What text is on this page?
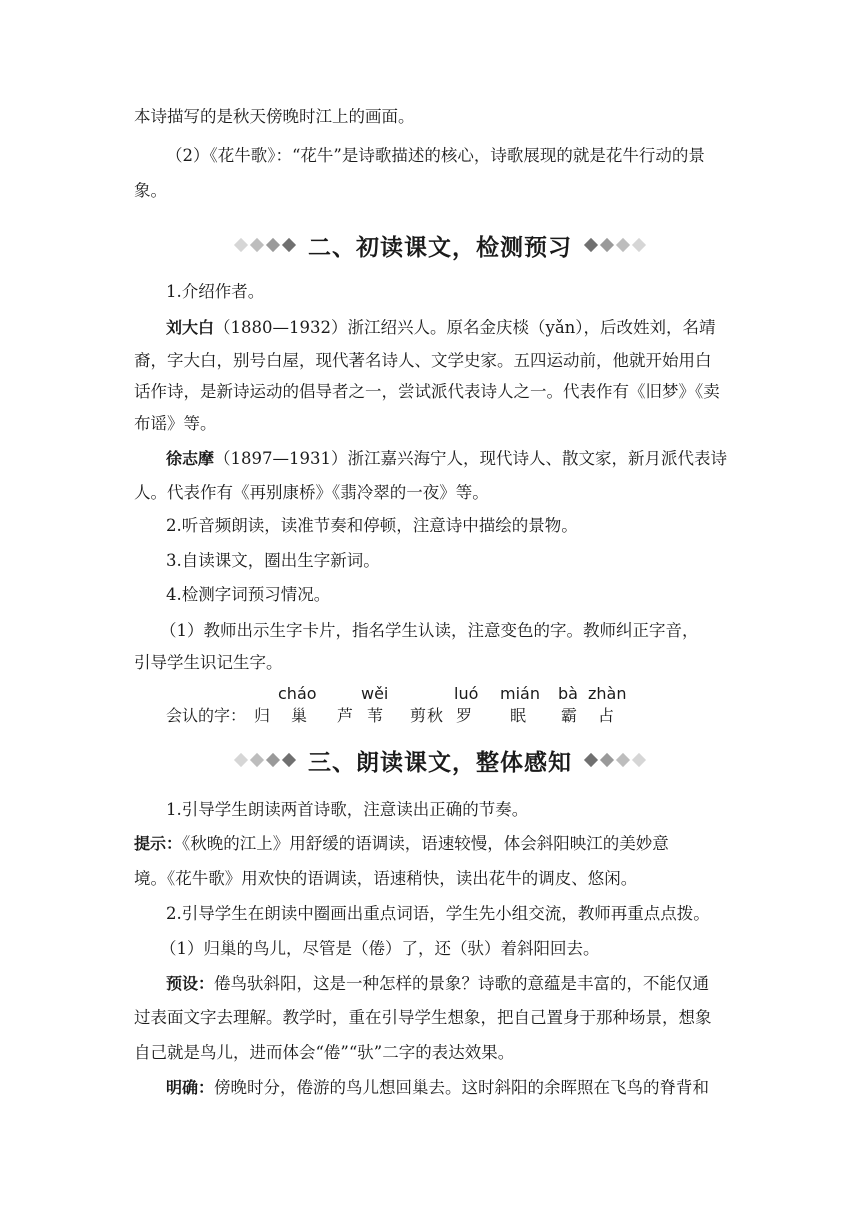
本诗描写的是秋天傍晚时江上的画面。
（2）《花牛歌》：“花牛”是诗歌描述的核心，诗歌展现的就是花牛行动的景
象。
二、初读课文，检测预习
1.介绍作者。
刘大白（1880—1932）浙江绍兴人。原名金庆棪（yǎn），后改姓刘，名靖
裔，字大白，别号白屋，现代著名诗人、文学史家。五四运动前，他就开始用白
话作诗，是新诗运动的倡导者之一，尝试派代表诗人之一。代表作有《旧梦》《卖
布谣》等。
徐志摩（1897—1931）浙江嘉兴海宁人，现代诗人、散文家，新月派代表诗
人。代表作有《再别康桥》《翡冷翠的一夜》等。
2.听音频朗读，读准节奏和停顿，注意诗中描绘的景物。
3.自读课文，圈出生字新词。
4.检测字词预习情况。
（1）教师出示生字卡片，指名学生认读，注意变色的字。教师纠正字音，
引导学生识记生字。
会认的字：
cháo	wěi	luó mián bà zhàn
归 巢 芦 苇 剪 秋 罗 眠 霸 占
三、朗读课文，整体感知
1.引导学生朗读两首诗歌，注意读出正确的节奏。
提示：《秋晚的江上》用舒缓的语调读，语速较慢，体会斜阳映江的美妙意
境。《花牛歌》用欢快的语调读，语速稍快，读出花牛的调皮、悠闲。
2.引导学生在朗读中圈画出重点词语，学生先小组交流，教师再重点点拨。
（1）归巢的鸟儿，尽管是（倦）了，还（驮）着斜阳回去。
预设：倦鸟驮斜阳，这是一种怎样的景象？诗歌的意蕴是丰富的，不能仅通
过表面文字去理解。教学时，重在引导学生想象，把自己置身于那种场景，想象
自己就是鸟儿，进而体会“倦”“驮”二字的表达效果。
明确：傍晚时分，倦游的鸟儿想回巢去。这时斜阳的余晖照在飞鸟的脊背和
